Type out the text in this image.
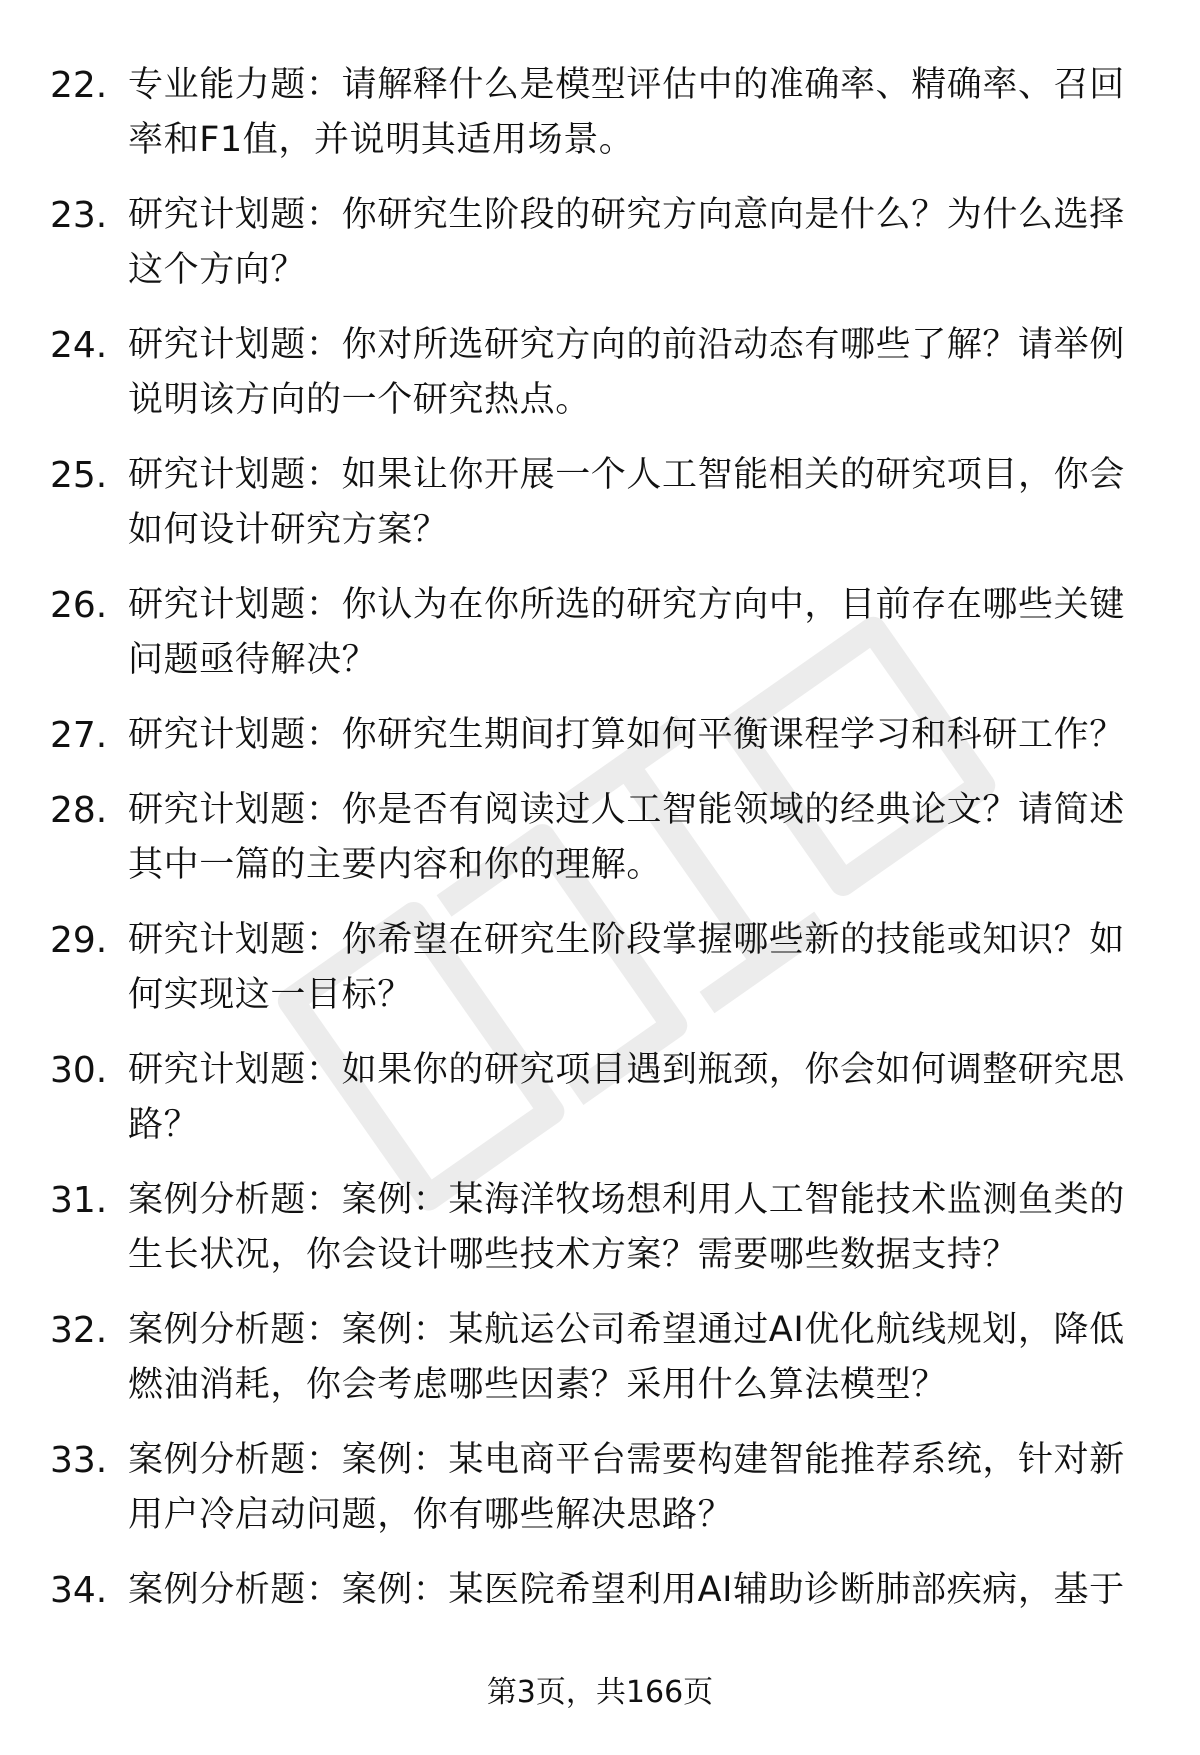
22. 专业能力题：请解释什么是模型评估中的准确率、精确率、召回率和F1值，并说明其适用场景。
23. 研究计划题：你研究生阶段的研究方向意向是什么？为什么选择这个方向？
24. 研究计划题：你对所选研究方向的前沿动态有哪些了解？请举例说明该方向的一个研究热点。
25. 研究计划题：如果让你开展一个人工智能相关的研究项目，你会如何设计研究方案？
26. 研究计划题：你认为在你所选的研究方向中，目前存在哪些关键问题亟待解决？
27. 研究计划题：你研究生期间打算如何平衡课程学习和科研工作？
28. 研究计划题：你是否有阅读过人工智能领域的经典论文？请简述其中一篇的主要内容和你的理解。
29. 研究计划题：你希望在研究生阶段掌握哪些新的技能或知识？如何实现这一目标？
30. 研究计划题：如果你的研究项目遇到瓶颈，你会如何调整研究思路？
31. 案例分析题：案例：某海洋牧场想利用人工智能技术监测鱼类的生长状况，你会设计哪些技术方案？需要哪些数据支持？
32. 案例分析题：案例：某航运公司希望通过AI优化航线规划，降低燃油消耗，你会考虑哪些因素？采用什么算法模型？
33. 案例分析题：案例：某电商平台需要构建智能推荐系统，针对新用户冷启动问题，你有哪些解决思路？
34. 案例分析题：案例：某医院希望利用AI辅助诊断肺部疾病，基于
第3页，共166页
